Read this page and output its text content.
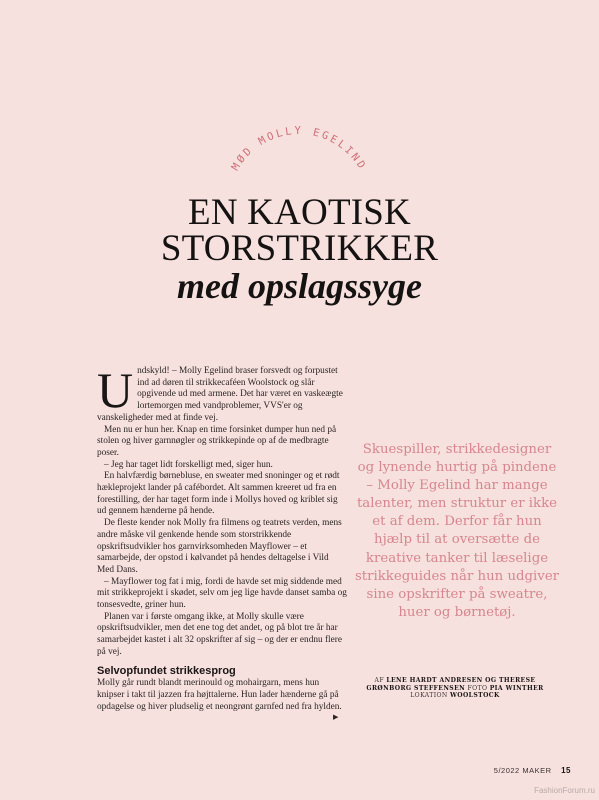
MØD MOLLY EGELIND
EN KAOTISK
STORSTRIKKER
med opslagssyge

Undskyld! – Molly Egelind braser forsvedt og forpustet ind ad døren til strikkecaféen Woolstock og slår opgivende ud med armene. Det har været en vaskeægte lortemorgen med vandproblemer, VVS'er og vanskeligheder med at finde vej.

Men nu er hun her. Knap en time forsinket dumper hun ned på stolen og hiver garnnøgler og strikkepinde op af de medbragte poser.

– Jeg har taget lidt forskelligt med, siger hun.

En halvfærdig børnebluse, en sweater med snoninger og et rødt hækleprojekt lander på cafébordet. Alt sammen kreeret ud fra en forestilling, der har taget form inde i Mollys hoved og kriblet sig ud gennem hænderne på hende.

De fleste kender nok Molly fra filmens og teatrets verden, mens andre måske vil genkende hende som storstrikkende opskriftsudvikler hos garnvirksomheden Mayflower – et samarbejde, der opstod i kølvandet på hendes deltagelse i Vild Med Dans.

– Mayflower tog fat i mig, fordi de havde set mig siddende med mit strikkeprojekt i skødet, selv om jeg lige havde danset samba og tonsesvedte, griner hun.

Planen var i første omgang ikke, at Molly skulle være opskriftsudvikler, men det ene tog det andet, og på blot tre år har samarbejdet kastet i alt 32 opskrifter af sig – og der er endnu flere på vej.

Selvopfundet strikkesprog

Molly går rundt blandt merinould og mohairgarn, mens hun knipser i takt til jazzen fra højttalerne. Hun lader hænderne gå på opdagelse og hiver pludselig et neongrønt garnfed ned fra hylden.

▶
Skuespiller, strikkedesigner og lynende hurtig på pindene – Molly Egelind har mange talenter, men struktur er ikke et af dem. Derfor får hun hjælp til at oversætte de kreative tanker til læselige strikkeguides når hun udgiver sine opskrifter på sweatre, huer og børnetøj.
AF LENE HARDT ANDRESEN OG THERESE GRØNBORG STEFFENSEN FOTO PIA WINTHER LOKATION WOOLSTOCK
5/2022 MAKER 15
FashionForum.ru
